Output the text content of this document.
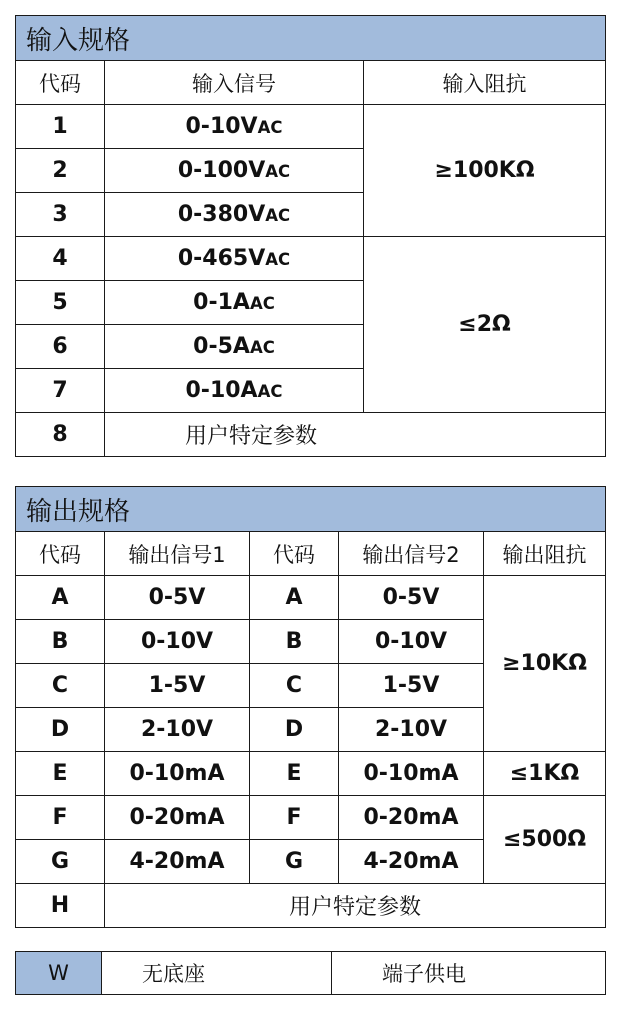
输入规格		
代码	输入信号	输入阻抗
1	0-10VAC	≥100KΩ
2	0-100VAC	
3	0-380VAC	
4	0-465VAC	≤2Ω
5	0-1AAC	
6	0-5AAC	
7	0-10AAC	
8	用户特定参数	
输出规格				
代码	输出信号1	代码	输出信号2	输出阻抗
A	0-5V	A	0-5V	≥10KΩ
B	0-10V	B	0-10V	
C	1-5V	C	1-5V	
D	2-10V	D	2-10V	
E	0-10mA	E	0-10mA	≤1KΩ
F	0-20mA	F	0-20mA	≤500Ω
G	4-20mA	G	4-20mA	
H	用户特定参数			
W	无底座	端子供电
